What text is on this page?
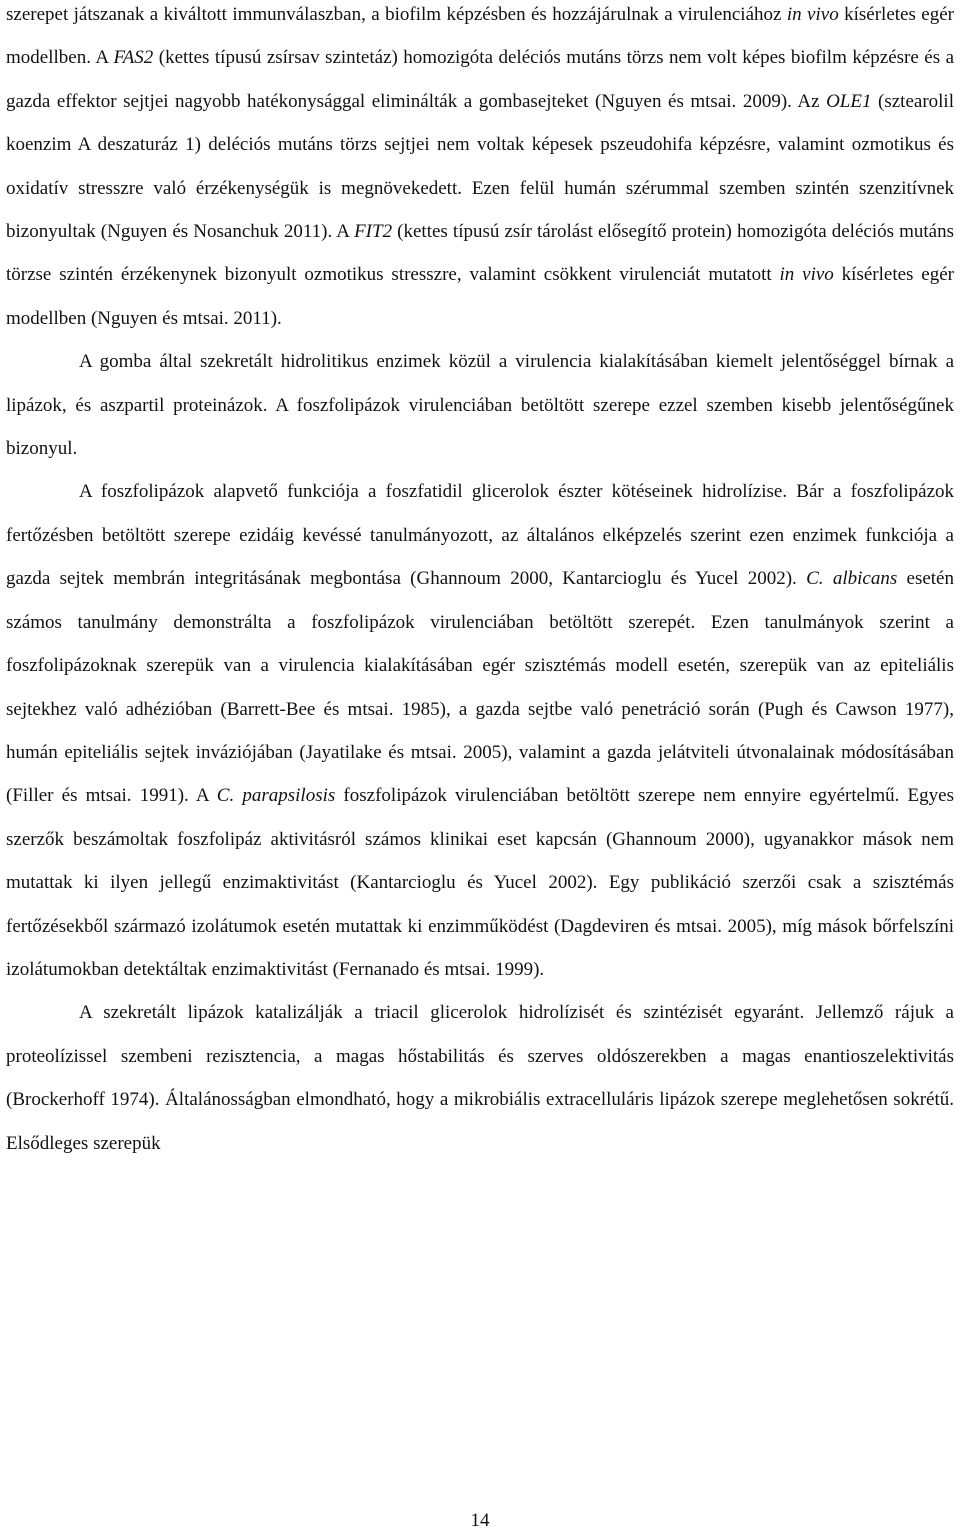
szerepet játszanak a kiváltott immunválaszban, a biofilm képzésben és hozzájárulnak a virulenciához in vivo kísérletes egér modellben. A FAS2 (kettes típusú zsírsav szintetáz) homozigóta deléciós mutáns törzs nem volt képes biofilm képzésre és a gazda effektor sejtjei nagyobb hatékonysággal eliminálták a gombasejteket (Nguyen és mtsai. 2009). Az OLE1 (sztearolil koenzim A deszaturáz 1) deléciós mutáns törzs sejtjei nem voltak képesek pszeudohifa képzésre, valamint ozmotikus és oxidatív stresszre való érzékenységük is megnövekedett. Ezen felül humán szérummal szemben szintén szenzitívnek bizonyultak (Nguyen és Nosanchuk 2011). A FIT2 (kettes típusú zsír tárolást elősegítő protein) homozigóta deléciós mutáns törzse szintén érzékenynek bizonyult ozmotikus stresszre, valamint csökkent virulenciát mutatott in vivo kísérletes egér modellben (Nguyen és mtsai. 2011).

A gomba által szekretált hidrolitikus enzimek közül a virulencia kialakításában kiemelt jelentőséggel bírnak a lipázok, és aszpartil proteinázok. A foszfolipázok virulenciában betöltött szerepe ezzel szemben kisebb jelentőségűnek bizonyul.

A foszfolipázok alapvető funkciója a foszfatidil glicerolok észter kötéseinek hidrolízise. Bár a foszfolipázok fertőzésben betöltött szerepe ezidáig kevéssé tanulmányozott, az általános elképzelés szerint ezen enzimek funkciója a gazda sejtek membrán integritásának megbontása (Ghannoum 2000, Kantarcioglu és Yucel 2002). C. albicans esetén számos tanulmány demonstrálta a foszfolipázok virulenciában betöltött szerepét. Ezen tanulmányok szerint a foszfolipázoknak szerepük van a virulencia kialakításában egér szisztémás modell esetén, szerepük van az epiteliális sejtekhez való adhézióban (Barrett-Bee és mtsai. 1985), a gazda sejtbe való penetráció során (Pugh és Cawson 1977), humán epiteliális sejtek inváziójában (Jayatilake és mtsai. 2005), valamint a gazda jelátviteli útvonalainak módosításában (Filler és mtsai. 1991). A C. parapsilosis foszfolipázok virulenciában betöltött szerepe nem ennyire egyértelmű. Egyes szerzők beszámoltak foszfolipáz aktivitásról számos klinikai eset kapcsán (Ghannoum 2000), ugyanakkor mások nem mutattak ki ilyen jellegű enzimaktivitást (Kantarcioglu és Yucel 2002). Egy publikáció szerzői csak a szisztémás fertőzésekből származó izolátumok esetén mutattak ki enzimműködést (Dagdeviren és mtsai. 2005), míg mások bőrfelszíni izolátumokban detektáltak enzimaktivitást (Fernanado és mtsai. 1999).

A szekretált lipázok katalizálják a triacil glicerolok hidrolízisét és szintézisét egyaránt. Jellemző rájuk a proteolízissel szembeni rezisztencia, a magas hőstabilitás és szerves oldószerekben a magas enantioszelektivitás (Brockerhoff 1974). Általánosságban elmondható, hogy a mikrobiális extracelluláris lipázok szerepe meglehetősen sokrétű. Elsődleges szerepük

14
